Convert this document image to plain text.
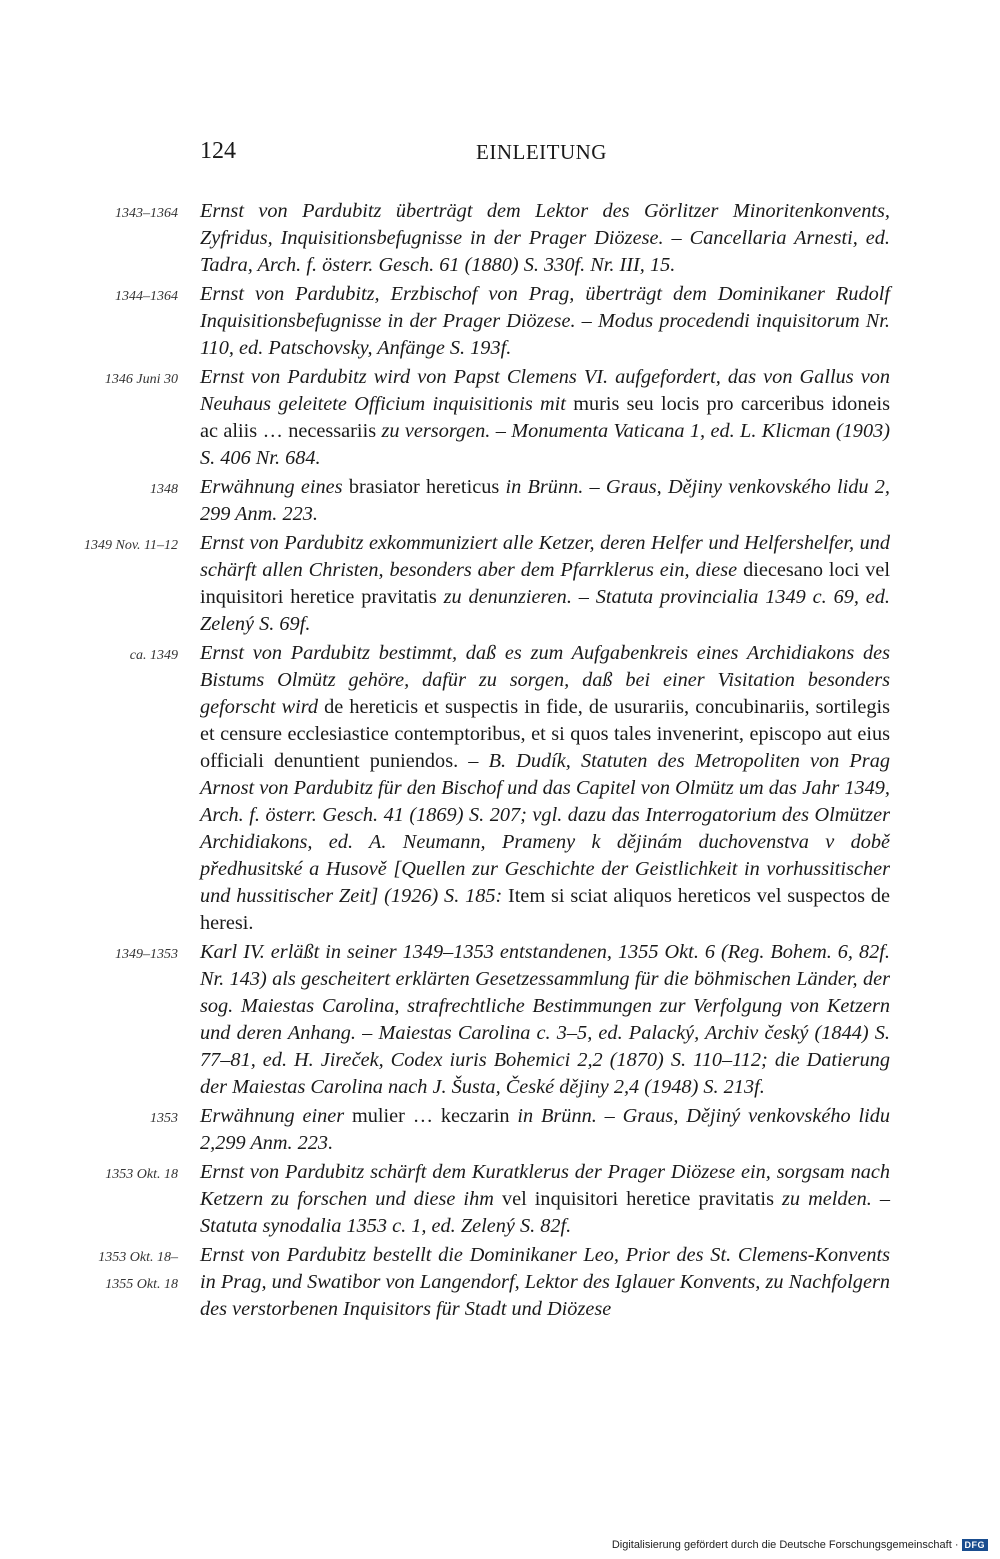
124	EINLEITUNG
1343–1364 Ernst von Pardubitz überträgt dem Lektor des Görlitzer Minoritenkonvents, Zyfridus, Inquisitionsbefugnisse in der Prager Diözese. – Cancellaria Arnesti, ed. Tadra, Arch. f. österr. Gesch. 61 (1880) S. 330f. Nr. III, 15.
1344–1364 Ernst von Pardubitz, Erzbischof von Prag, überträgt dem Dominikaner Rudolf Inquisitionsbefugnisse in der Prager Diözese. – Modus procedendi inquisitorum Nr. 110, ed. Patschovsky, Anfänge S. 193f.
1346 Juni 30 Ernst von Pardubitz wird von Papst Clemens VI. aufgefordert, das von Gallus von Neuhaus geleitete Officium inquisitionis mit muris seu locis pro carceribus idoneis ac aliis … necessariis zu versorgen. – Monumenta Vaticana 1, ed. L. Klicman (1903) S. 406 Nr. 684.
1348 Erwähnung eines brasiator hereticus in Brünn. – Graus, Dějiny venkovského lidu 2, 299 Anm. 223.
1349 Nov. 11–12 Ernst von Pardubitz exkommuniziert alle Ketzer, deren Helfer und Helfershelfer, und schärft allen Christen, besonders aber dem Pfarrklerus ein, diese diecesano loci vel inquisitori heretice pravitatis zu denunzieren. – Statuta provincialia 1349 c. 69, ed. Zelený S. 69f.
ca. 1349 Ernst von Pardubitz bestimmt, daß es zum Aufgabenkreis eines Archidiakons des Bistums Olmütz gehöre, dafür zu sorgen, daß bei einer Visitation besonders geforscht wird de hereticis et suspectis in fide, de usurariis, concubinariis, sortilegis et censure ecclesiastice contemptoribus, et si quos tales invenerint, episcopo aut eius officiali denuntient puniendos. – B. Dudík, Statuten des Metropoliten von Prag Arnost von Pardubitz für den Bischof und das Capitel von Olmütz um das Jahr 1349, Arch. f. österr. Gesch. 41 (1869) S. 207; vgl. dazu das Interrogatorium des Olmützer Archidiakons, ed. A. Neumann, Prameny k dějinám duchovenstva v době předhusitské a Husově [Quellen zur Geschichte der Geistlichkeit in vorhussitischer und hussitischer Zeit] (1926) S. 185: Item si sciat aliquos hereticos vel suspectos de heresi.
1349–1353 Karl IV. erläßt in seiner 1349–1353 entstandenen, 1355 Okt. 6 (Reg. Bohem. 6, 82f. Nr. 143) als gescheitert erklärten Gesetzessammlung für die böhmischen Länder, der sog. Maiestas Carolina, strafrechtliche Bestimmungen zur Verfolgung von Ketzern und deren Anhang. – Maiestas Carolina c. 3–5, ed. Palacký, Archiv český (1844) S. 77–81, ed. H. Jireček, Codex iuris Bohemici 2,2 (1870) S. 110–112; die Datierung der Maiestas Carolina nach J. Šusta, České dějiny 2,4 (1948) S. 213f.
1353 Erwähnung einer mulier … keczarin in Brünn. – Graus, Dějiný venkovského lidu 2,299 Anm. 223.
1353 Okt. 18 Ernst von Pardubitz schärft dem Kuratklerus der Prager Diözese ein, sorgsam nach Ketzern zu forschen und diese ihm vel inquisitori heretice pravitatis zu melden. – Statuta synodalia 1353 c. 1, ed. Zelený S. 82f.
1353 Okt. 18–
1355 Okt. 18
Ernst von Pardubitz bestellt die Dominikaner Leo, Prior des St. Clemens-Konvents in Prag, und Swatibor von Langendorf, Lektor des Iglauer Konvents, zu Nachfolgern des verstorbenen Inquisitors für Stadt und Diözese
Digitalisierung gefördert durch die Deutsche Forschungsgemeinschaft · DFG
